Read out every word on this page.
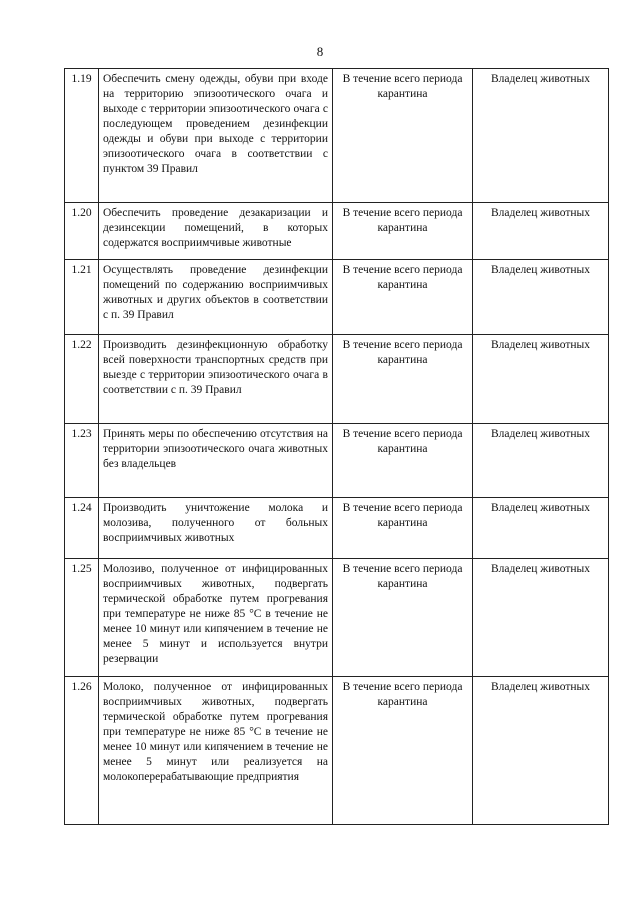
8
1.19	Обеспечить смену одежды, обуви при входе на территорию эпизоотического очага и выходе с территории эпизоотического очага с последующем проведением дезинфекции одежды и обуви при выходе с территории эпизоотического очага в соответствии с пунктом 39 Правил	В течение всего периода карантина	Владелец животных
1.20	Обеспечить проведение дезакаризации и дезинсекции помещений, в которых содержатся восприимчивые животные	В течение всего периода карантина	Владелец животных
1.21	Осуществлять проведение дезинфекции помещений по содержанию восприимчивых животных и других объектов в соответствии с п. 39 Правил	В течение всего периода карантина	Владелец животных
1.22	Производить дезинфекционную обработку всей поверхности транспортных средств при выезде с территории эпизоотического очага в соответствии с п. 39 Правил	В течение всего периода карантина	Владелец животных
1.23	Принять меры по обеспечению отсутствия на территории эпизоотического очага животных без владельцев	В течение всего периода карантина	Владелец животных
1.24	Производить уничтожение молока и молозива, полученного от больных восприимчивых животных	В течение всего периода карантина	Владелец животных
1.25	Молозиво, полученное от инфицированных восприимчивых животных, подвергать термической обработке путем прогревания при температуре не ниже 85 °С в течение не менее 10 минут или кипячением в течение не менее 5 минут и используется внутри резервации	В течение всего периода карантина	Владелец животных
1.26	Молоко, полученное от инфицированных восприимчивых животных, подвергать термической обработке путем прогревания при температуре не ниже 85 °С в течение не менее 10 минут или кипячением в течение не менее 5 минут или реализуется на молокоперерабатывающие предприятия	В течение всего периода карантина	Владелец животных
